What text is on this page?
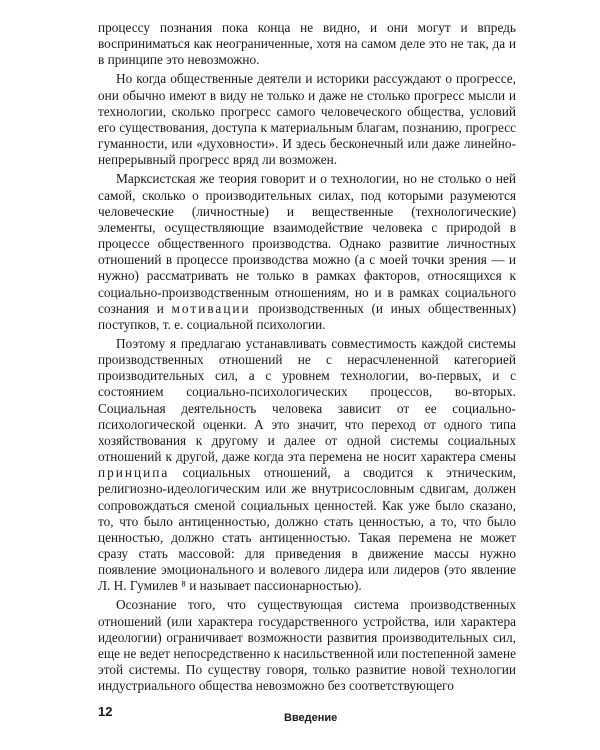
процессу познания пока конца не видно, и они могут и впредь восприниматься как неограниченные, хотя на самом деле это не так, да и в принципе это невозможно.

Но когда общественные деятели и историки рассуждают о прогрессе, они обычно имеют в виду не только и даже не столько прогресс мысли и технологии, сколько прогресс самого человеческого общества, условий его существования, доступа к материальным благам, познанию, прогресс гуманности, или «духовности». И здесь бесконечный или даже линейно-непрерывный прогресс вряд ли возможен.

Марксистская же теория говорит и о технологии, но не столько о ней самой, сколько о производительных силах, под которыми разумеются человеческие (личностные) и вещественные (технологические) элементы, осуществляющие взаимодействие человека с природой в процессе общественного производства. Однако развитие личностных отношений в процессе производства можно (а с моей точки зрения — и нужно) рассматривать не только в рамках факторов, относящихся к социально-производственным отношениям, но и в рамках социального сознания и мотивации производственных (и иных общественных) поступков, т. е. социальной психологии.

Поэтому я предлагаю устанавливать совместимость каждой системы производственных отношений не с нерасчлененной категорией производительных сил, а с уровнем технологии, во-первых, и с состоянием социально-психологических процессов, во-вторых. Социальная деятельность человека зависит от ее социально-психологической оценки. А это значит, что переход от одного типа хозяйствования к другому и далее от одной системы социальных отношений к другой, даже когда эта перемена не носит характера смены принципа социальных отношений, а сводится к этническим, религиозно-идеологическим или же внутрисословным сдвигам, должен сопровождаться сменой социальных ценностей. Как уже было сказано, то, что было антиценностью, должно стать ценностью, а то, что было ценностью, должно стать антиценностью. Такая перемена не может сразу стать массовой: для приведения в движение массы нужно появление эмоционального и волевого лидера или лидеров (это явление Л. Н. Гумилев ⁸ и называет пассионарностью).

Осознание того, что существующая система производственных отношений (или характера государственного устройства, или характера идеологии) ограничивает возможности развития производительных сил, еще не ведет непосредственно к насильственной или постепенной замене этой системы. По существу говоря, только развитие новой технологии индустриального общества невозможно без соответствующего

12	Введение
